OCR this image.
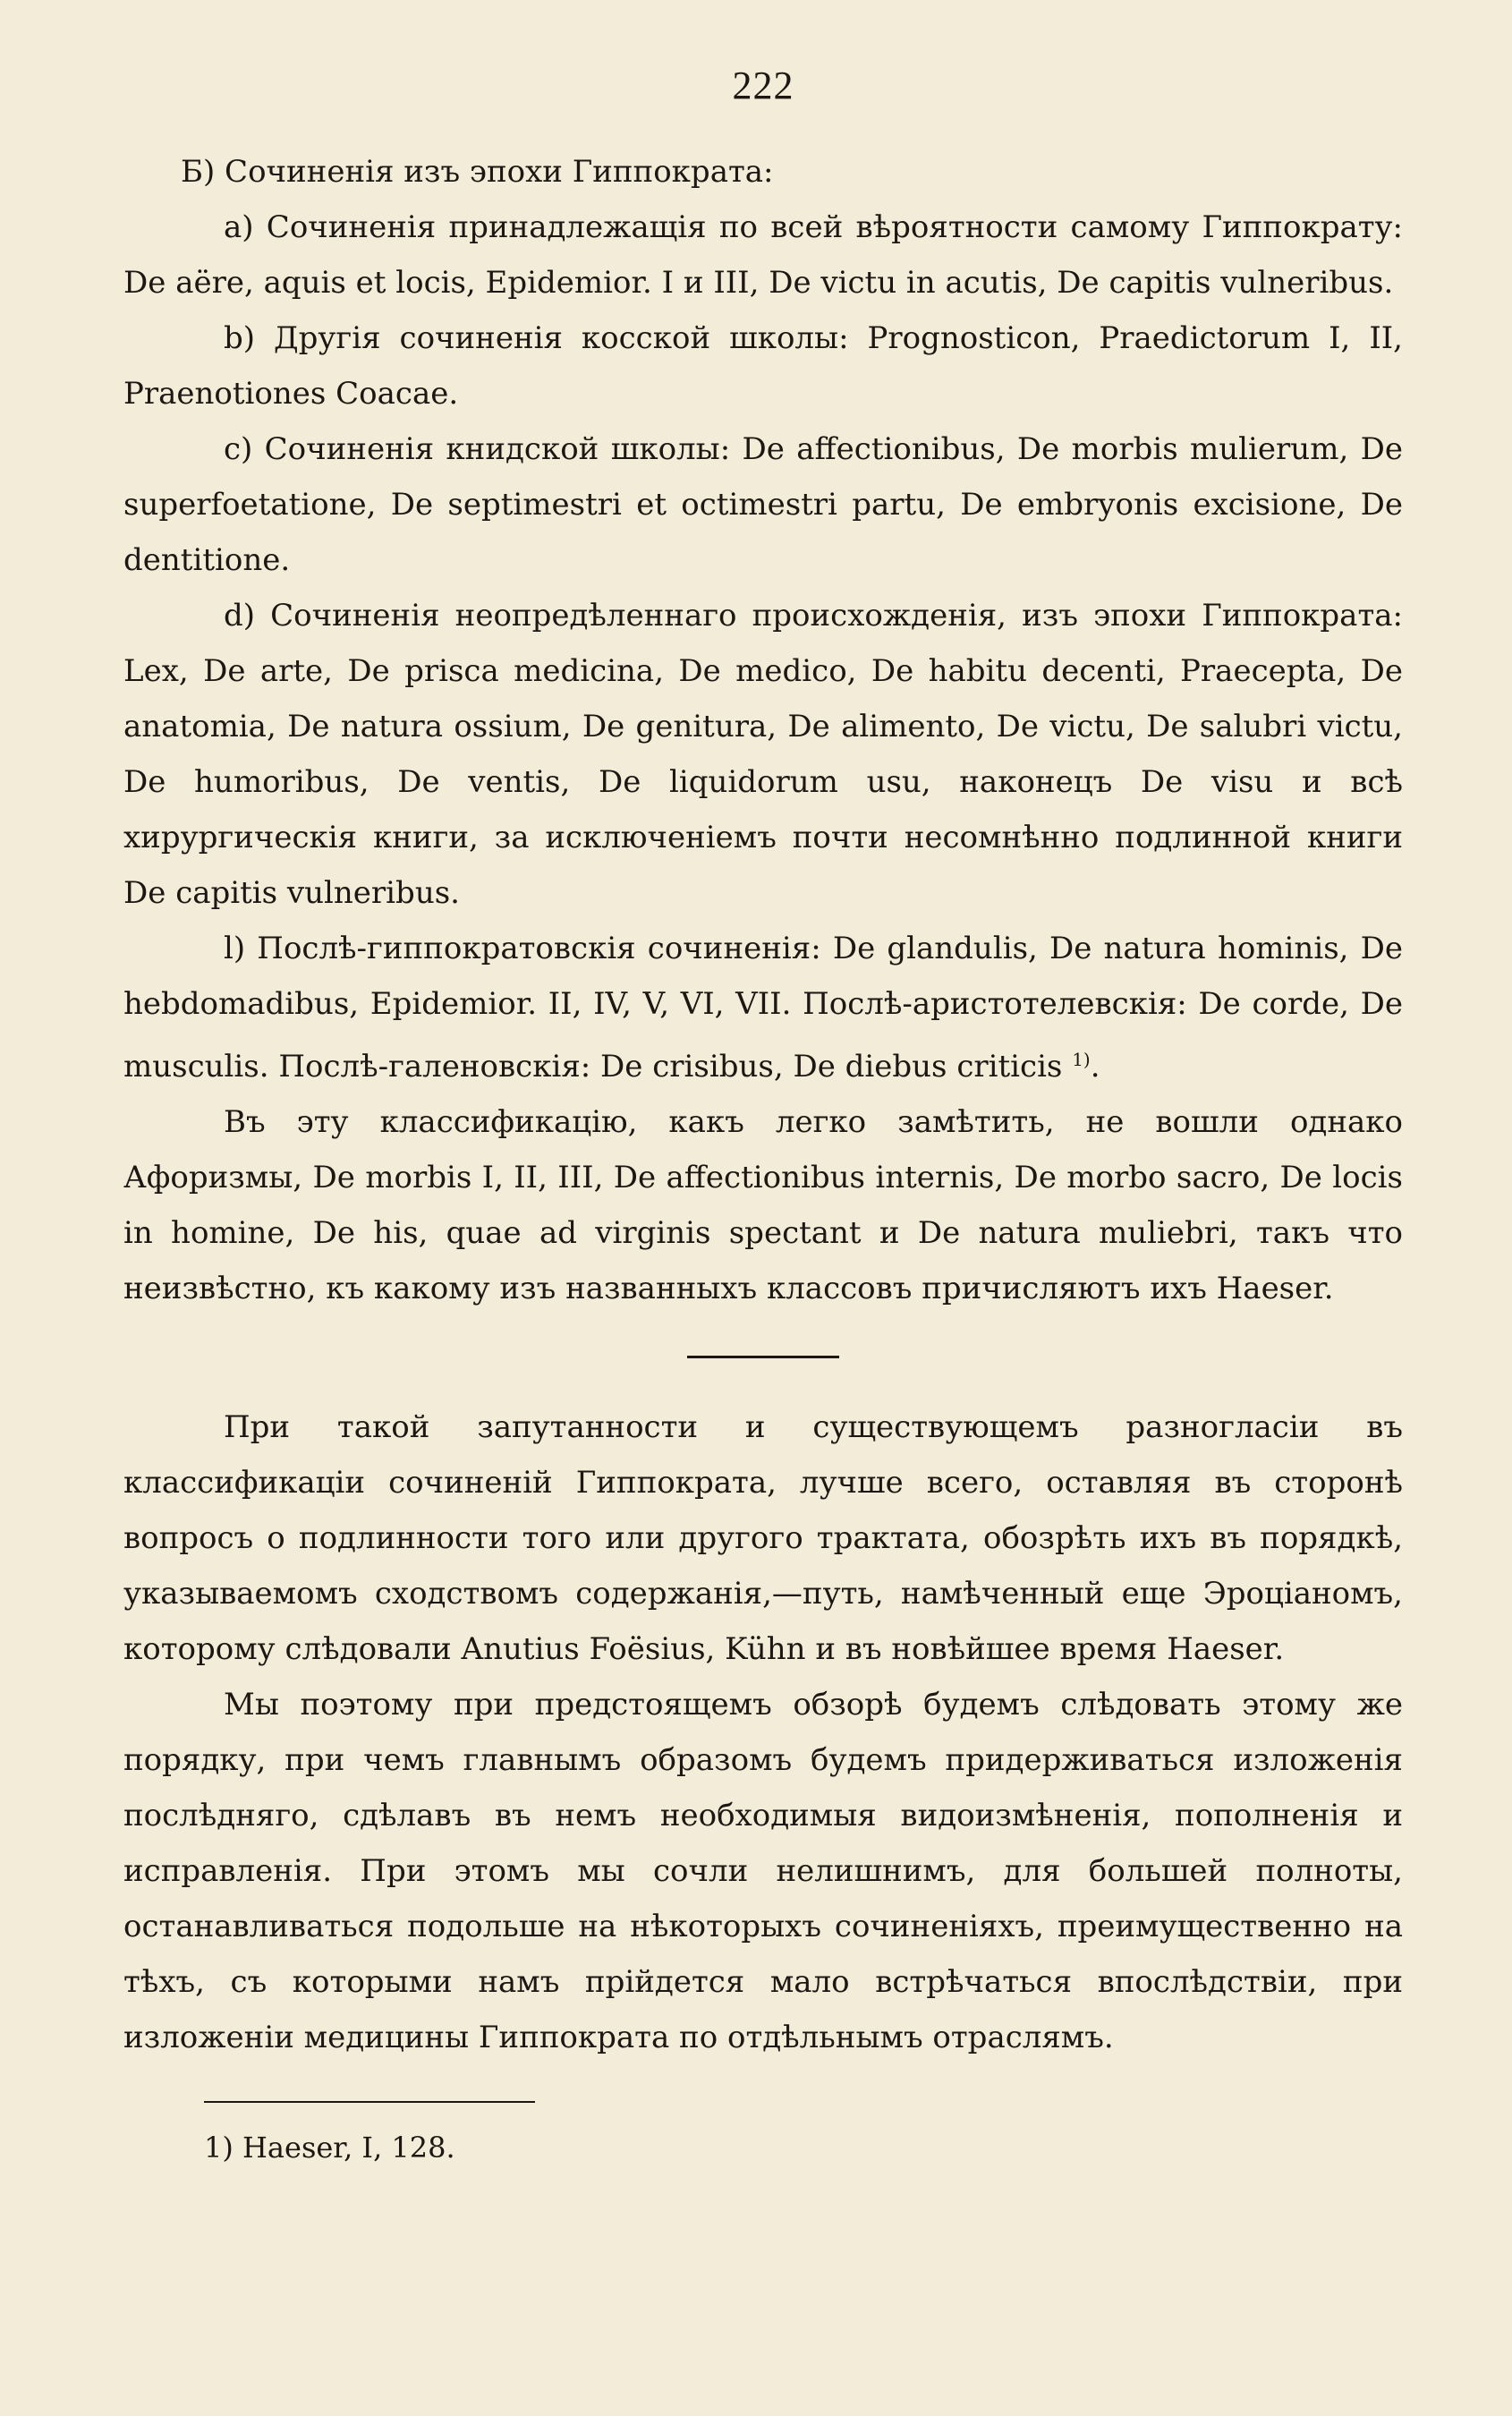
222

Б) Сочиненія изъ эпохи Гиппократа:

а) Сочиненія принадлежащія по всей вѣроятности самому Гиппократу: De aëre, aquis et locis, Epidemior. I и III, De victu in acutis, De capitis vulneribus.

b) Другія сочиненія косской школы: Prognosticon, Praedictorum I, II, Praenotiones Coacae.

c) Сочиненія книдской школы: De affectionibus, De morbis mulierum, De superfoetatione, De septimestri et octimestri partu, De embryonis excisione, De dentitione.

d) Сочиненія неопредѣленнаго происхожденія, изъ эпохи Гиппократа: Lex, De arte, De prisca medicina, De medico, De habitu decenti, Praecepta, De anatomia, De natura ossium, De genitura, De alimento, De victu, De salubri victu, De humoribus, De ventis, De liquidorum usu, наконецъ De visu и всѣ хирургическія книги, за исключеніемъ почти несомнѣнно подлинной книги De capitis vulneribus.

l) Послѣ-гиппократовскія сочиненія: De glandulis, De natura hominis, De hebdomadibus, Epidemior. II, IV, V, VI, VII. Послѣ-аристотелевскія: De corde, De musculis. Послѣ-галеновскія: De crisibus, De diebus criticis $^{1)}$.

Въ эту классификацію, какъ легко замѣтить, не вошли однако Афоризмы, De morbis I, II, III, De affectionibus internis, De morbo sacro, De locis in homine, De his, quae ad virginis spectant и De natura muliebri, такъ что неизвѣстно, къ какому изъ названныхъ классовъ причисляютъ ихъ Haeser.

При такой запутанности и существующемъ разногласіи въ классификаціи сочиненій Гиппократа, лучше всего, оставляя въ сторонѣ вопросъ о подлинности того или другого трактата, обозрѣть ихъ въ порядкѣ, указываемомъ сходствомъ содержанія,—путь, намѣченный еще Эроціаномъ, которому слѣдовали Anutius Foësius, Kühn и въ новѣйшее время Haeser.

Мы поэтому при предстоящемъ обзорѣ будемъ слѣдовать этому же порядку, при чемъ главнымъ образомъ будемъ придерживаться изложенія послѣдняго, сдѣлавъ въ немъ необходимыя видоизмѣненія, пополненія и исправленія. При этомъ мы сочли нелишнимъ, для большей полноты, останавливаться подольше на нѣкоторыхъ сочиненіяхъ, преимущественно на тѣхъ, съ которыми намъ прійдется мало встрѣчаться впослѣдствіи, при изложеніи медицины Гиппократа по отдѣльнымъ отраслямъ.

1) Haeser, I, 128.
